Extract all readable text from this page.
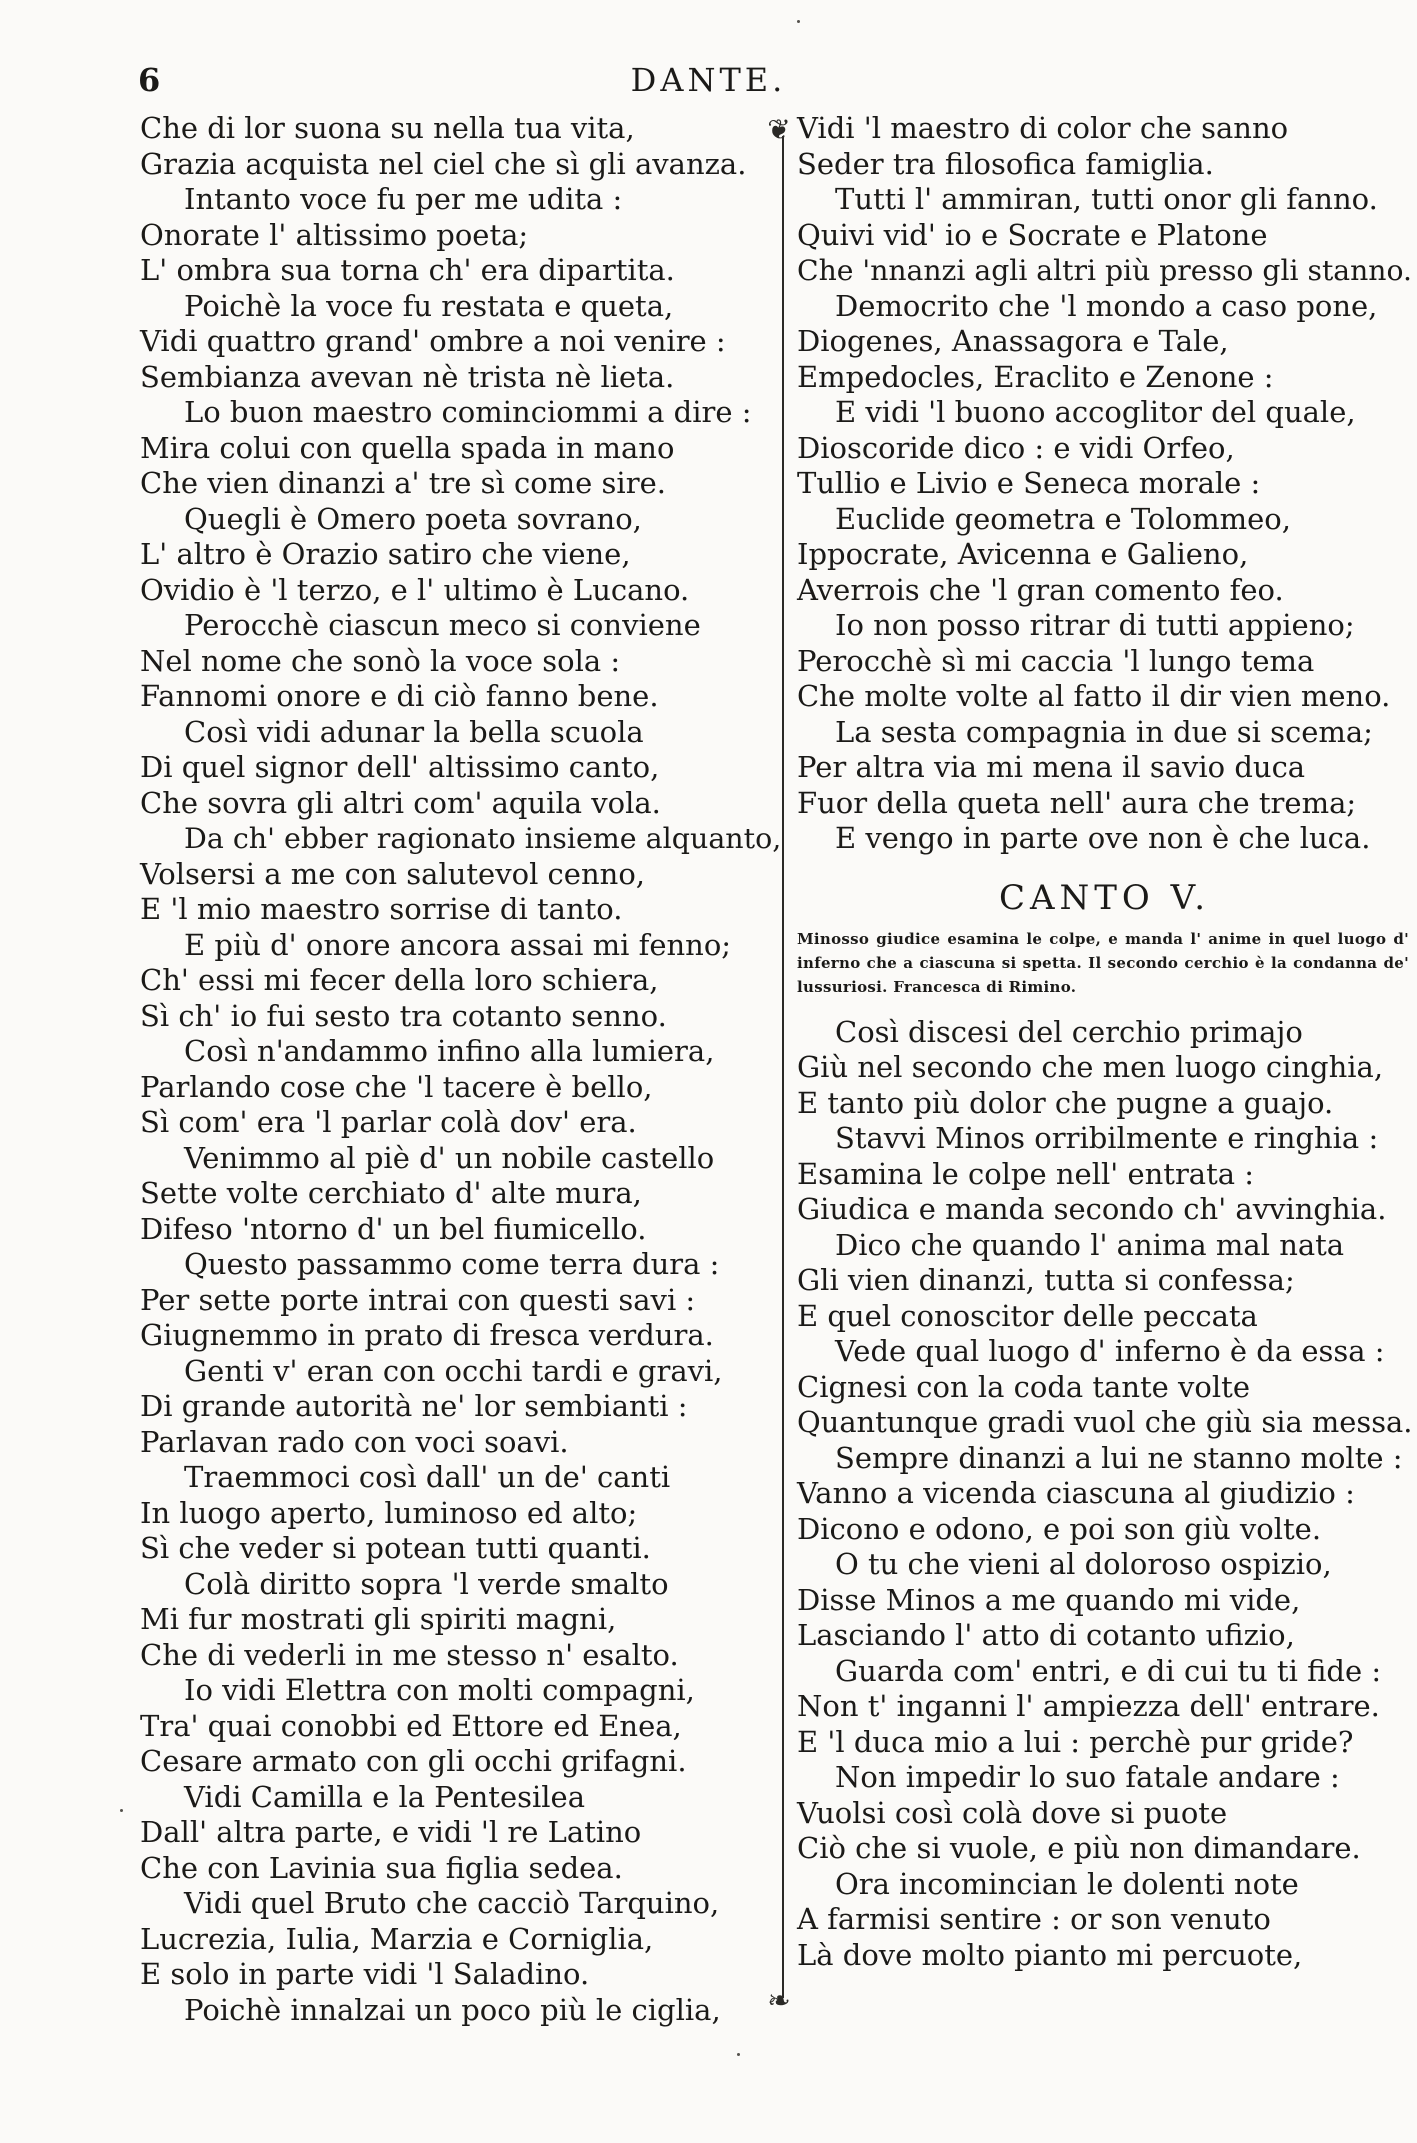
6	DANTE.
Che di lor suona su nella tua vita,
Grazia acquista nel ciel che sì gli avanza.
Intanto voce fu per me udita :
Onorate l' altissimo poeta;
L' ombra sua torna ch' era dipartita.
Poichè la voce fu restata e queta,
Vidi quattro grand' ombre a noi venire :
Sembianza avevan nè trista nè lieta.
Lo buon maestro cominciommi a dire :
Mira colui con quella spada in mano
Che vien dinanzi a' tre sì come sire.
Quegli è Omero poeta sovrano,
L' altro è Orazio satiro che viene,
Ovidio è 'l terzo, e l' ultimo è Lucano.
Perocchè ciascun meco si conviene
Nel nome che sonò la voce sola :
Fannomi onore e di ciò fanno bene.
Così vidi adunar la bella scuola
Di quel signor dell' altissimo canto,
Che sovra gli altri com' aquila vola.
Da ch' ebber ragionato insieme alquanto,
Volsersi a me con salutevol cenno,
E 'l mio maestro sorrise di tanto.
E più d' onore ancora assai mi fenno;
Ch' essi mi fecer della loro schiera,
Sì ch' io fui sesto tra cotanto senno.
Così n'andammo infino alla lumiera,
Parlando cose che 'l tacere è bello,
Sì com' era 'l parlar colà dov' era.
Venimmo al piè d' un nobile castello
Sette volte cerchiato d' alte mura,
Difeso 'ntorno d' un bel fiumicello.
Questo passammo come terra dura :
Per sette porte intrai con questi savi :
Giugnemmo in prato di fresca verdura.
Genti v' eran con occhi tardi e gravi,
Di grande autorità ne' lor sembianti :
Parlavan rado con voci soavi.
Traemmoci così dall' un de' canti
In luogo aperto, luminoso ed alto;
Sì che veder si potean tutti quanti.
Colà diritto sopra 'l verde smalto
Mi fur mostrati gli spiriti magni,
Che di vederli in me stesso n' esalto.
Io vidi Elettra con molti compagni,
Tra' quai conobbi ed Ettore ed Enea,
Cesare armato con gli occhi grifagni.
Vidi Camilla e la Pentesilea
Dall' altra parte, e vidi 'l re Latino
Che con Lavinia sua figlia sedea.
Vidi quel Bruto che cacciò Tarquino,
Lucrezia, Iulia, Marzia e Corniglia,
E solo in parte vidi 'l Saladino.
Poichè innalzai un poco più le ciglia,
❦
❧
Vidi 'l maestro di color che sanno
Seder tra filosofica famiglia.
Tutti l' ammiran, tutti onor gli fanno.
Quivi vid' io e Socrate e Platone
Che 'nnanzi agli altri più presso gli stanno.
Democrito che 'l mondo a caso pone,
Diogenes, Anassagora e Tale,
Empedocles, Eraclito e Zenone :
E vidi 'l buono accoglitor del quale,
Dioscoride dico : e vidi Orfeo,
Tullio e Livio e Seneca morale :
Euclide geometra e Tolommeo,
Ippocrate, Avicenna e Galieno,
Averrois che 'l gran comento feo.
Io non posso ritrar di tutti appieno;
Perocchè sì mi caccia 'l lungo tema
Che molte volte al fatto il dir vien meno.
La sesta compagnia in due si scema;
Per altra via mi mena il savio duca
Fuor della queta nell' aura che trema;
E vengo in parte ove non è che luca.
CANTO V.
Minosso giudice esamina le colpe, e manda l' anime in quel luogo d' inferno che a ciascuna si spetta. Il secondo cerchio è la condanna de' lussuriosi. Francesca di Rimino.
Così discesi del cerchio primajo
Giù nel secondo che men luogo cinghia,
E tanto più dolor che pugne a guajo.
Stavvi Minos orribilmente e ringhia :
Esamina le colpe nell' entrata :
Giudica e manda secondo ch' avvinghia.
Dico che quando l' anima mal nata
Gli vien dinanzi, tutta si confessa;
E quel conoscitor delle peccata
Vede qual luogo d' inferno è da essa :
Cignesi con la coda tante volte
Quantunque gradi vuol che giù sia messa.
Sempre dinanzi a lui ne stanno molte :
Vanno a vicenda ciascuna al giudizio :
Dicono e odono, e poi son giù volte.
O tu che vieni al doloroso ospizio,
Disse Minos a me quando mi vide,
Lasciando l' atto di cotanto ufizio,
Guarda com' entri, e di cui tu ti fide :
Non t' inganni l' ampiezza dell' entrare.
E 'l duca mio a lui : perchè pur gride?
Non impedir lo suo fatale andare :
Vuolsi così colà dove si puote
Ciò che si vuole, e più non dimandare.
Ora incomincian le dolenti note
A farmisi sentire : or son venuto
Là dove molto pianto mi percuote,
